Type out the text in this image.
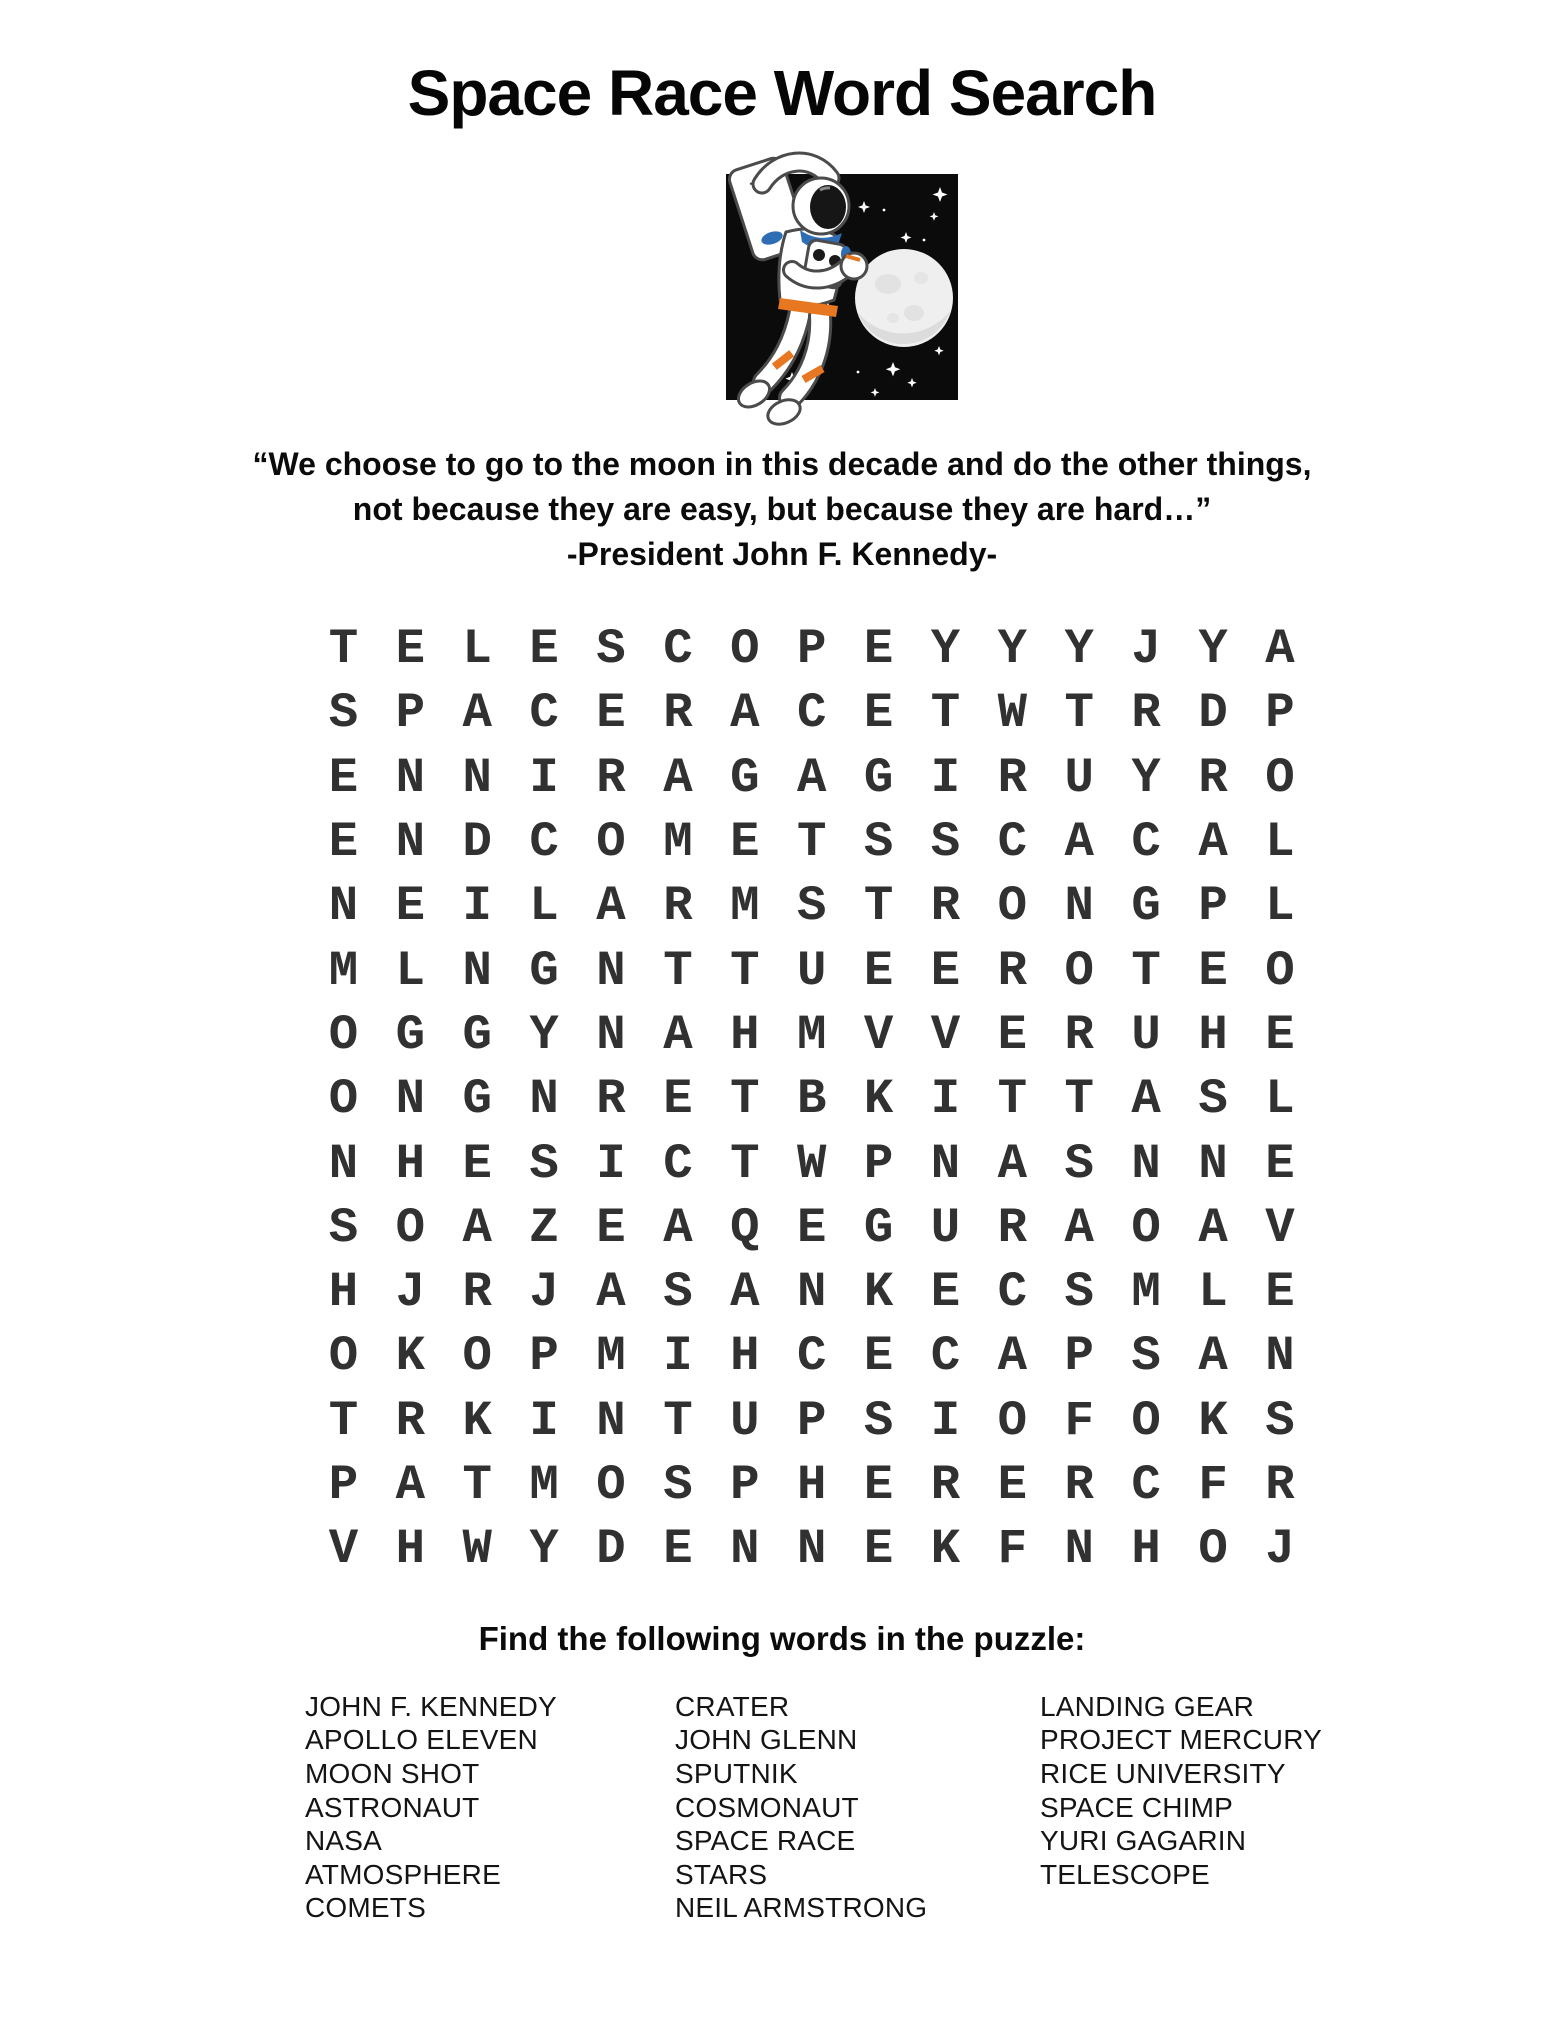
Space Race Word Search
“We choose to go to the moon in this decade and do the other things,
not because they are easy, but because they are hard…”
-President John F. Kennedy-
T E L E S C O P E Y Y Y J Y A
S P A C E R A C E T W T R D P
E N N I R A G A G I R U Y R O
E N D C O M E T S S C A C A L
N E I L A R M S T R O N G P L
M L N G N T T U E E R O T E O
O G G Y N A H M V V E R U H E
O N G N R E T B K I T T A S L
N H E S I C T W P N A S N N E
S O A Z E A Q E G U R A O A V
H J R J A S A N K E C S M L E
O K O P M I H C E C A P S A N
T R K I N T U P S I O F O K S
P A T M O S P H E R E R C F R
V H W Y D E N N E K F N H O J
Find the following words in the puzzle:
JOHN F. KENNEDY
APOLLO ELEVEN
MOON SHOT
ASTRONAUT
NASA
ATMOSPHERE
COMETS
CRATER
JOHN GLENN
SPUTNIK
COSMONAUT
SPACE RACE
STARS
NEIL ARMSTRONG
LANDING GEAR
PROJECT MERCURY
RICE UNIVERSITY
SPACE CHIMP
YURI GAGARIN
TELESCOPE
